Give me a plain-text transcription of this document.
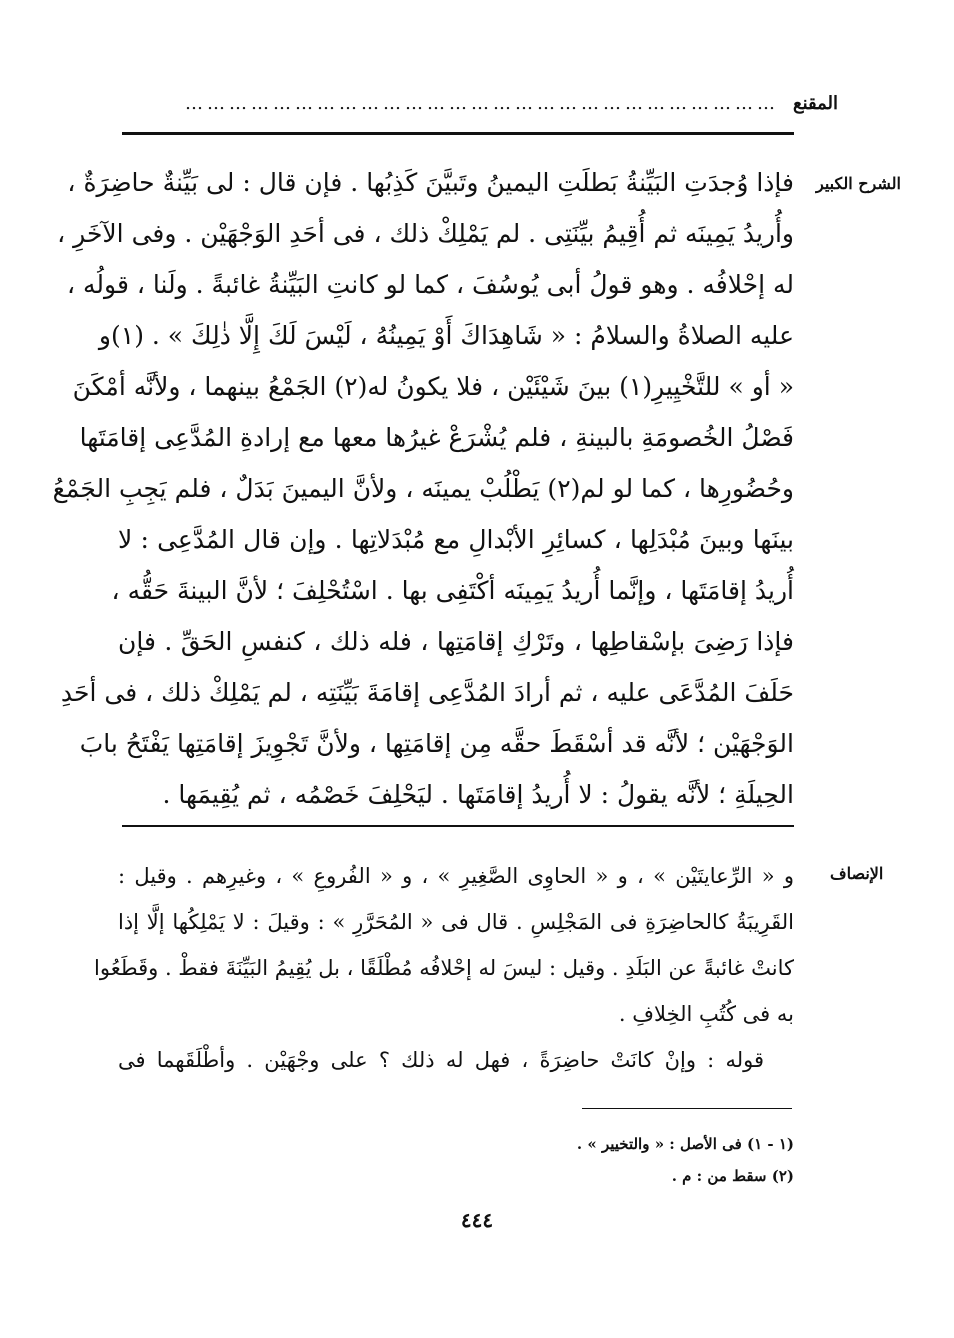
المقنع
………………………………………………………………………
الشرح الكبير
فإذا وُجدَتِ البَيِّنةُ بَطلَتِ اليمينُ وتَبيَّنَ كَذِبُها . فإن قال : لى بَيِّنةٌ حاضِرَةٌ ،
وأُريدُ يَمِينَه ثم أُقِيمُ بيِّنَتِى . لم يَمْلِكْ ذلك ، فى أحَدِ الوَجْهَيْن . وفى الآخَرِ ،
له إحْلافُه . وهو قولُ أبى يُوسُفَ ، كما لو كانتِ البَيِّنةُ غائبةً . ولَنا ، قولُه ،
عليه الصلاةُ والسلامُ : « شَاهِدَاكَ أَوْ يَمِينُهُ ، لَيْسَ لَكَ إِلَّا ذٰلِكَ » . (١)و
« أو » للتَّخْيِيرِ(١) بينَ شَيْئَيْن ، فلا يكونُ له(٢) الجَمْعُ بينهما ، ولأنَّه أمْكَنَ
فَصْلُ الخُصومَةِ بالبينةِ ، فلم يُشْرَعْ غيرُها معها مع إرادةِ المُدَّعِى إقامَتَها
وحُضُورِها ، كما لو لم(٢) يَطْلُبْ يمينَه ، ولأنَّ اليمينَ بَدَلٌ ، فلم يَجِبِ الجَمْعُ
بينَها وبينَ مُبْدَلِها ، كسائِرِ الأبْدالِ مع مُبْدَلاتِها . وإن قال المُدَّعِى : لا
أُريدُ إقامَتَها ، وإنَّما أُريدُ يَمِينَه أكْتَفِى بها . اسْتُحْلِفَ ؛ لأنَّ البينةَ حَقُّه ،
فإذا رَضِىَ بإسْقاطِها ، وتَرْكِ إقامَتِها ، فله ذلك ، كنفسِ الحَقِّ . فإن
حَلَفَ المُدَّعَى عليه ، ثم أرادَ المُدَّعِى إقامَةَ بَيِّنَتِه ، لم يَمْلِكْ ذلك ، فى أحَدِ
الوَجْهَيْن ؛ لأنَّه قد أسْقَطَ حقَّه مِن إقامَتِها ، ولأنَّ تَجْوِيزَ إقامَتِها يَفْتَحُ بابَ
الحِيلَةِ ؛ لأنَّه يقولُ : لا أُريدُ إقامَتَها . ليَحْلِفَ خَصْمُه ، ثم يُقِيمَها .
الإنصاف
و « الرِّعايتَيْن » ، و « الحاوِى الصَّغِيرِ » ، و « الفُروعِ » ، وغيرِهم . وقيل :
القَرِيبَةُ كالحاضِرَةِ فى المَجْلِسِ . قال فى « المُحَرَّرِ » : وقيلَ : لا يَمْلِكُها إلَّا إذا
كانتْ غائبةً عن البَلَدِ . وقيل : ليسَ له إحْلافُه مُطْلَقًا ، بل يُقِيمُ البَيِّنَةَ فقطْ . وقَطَعُوا
به فى كُتُبِ الخِلافِ .
قوله : وإنْ كانَتْ حاضِرَةً ، فهل له ذلك ؟ على وجْهَيْن . وأطْلَقَهما فى
(١ - ١) فى الأصل : « والتخيير » .
(٢) سقط من : م .
٤٤٤
